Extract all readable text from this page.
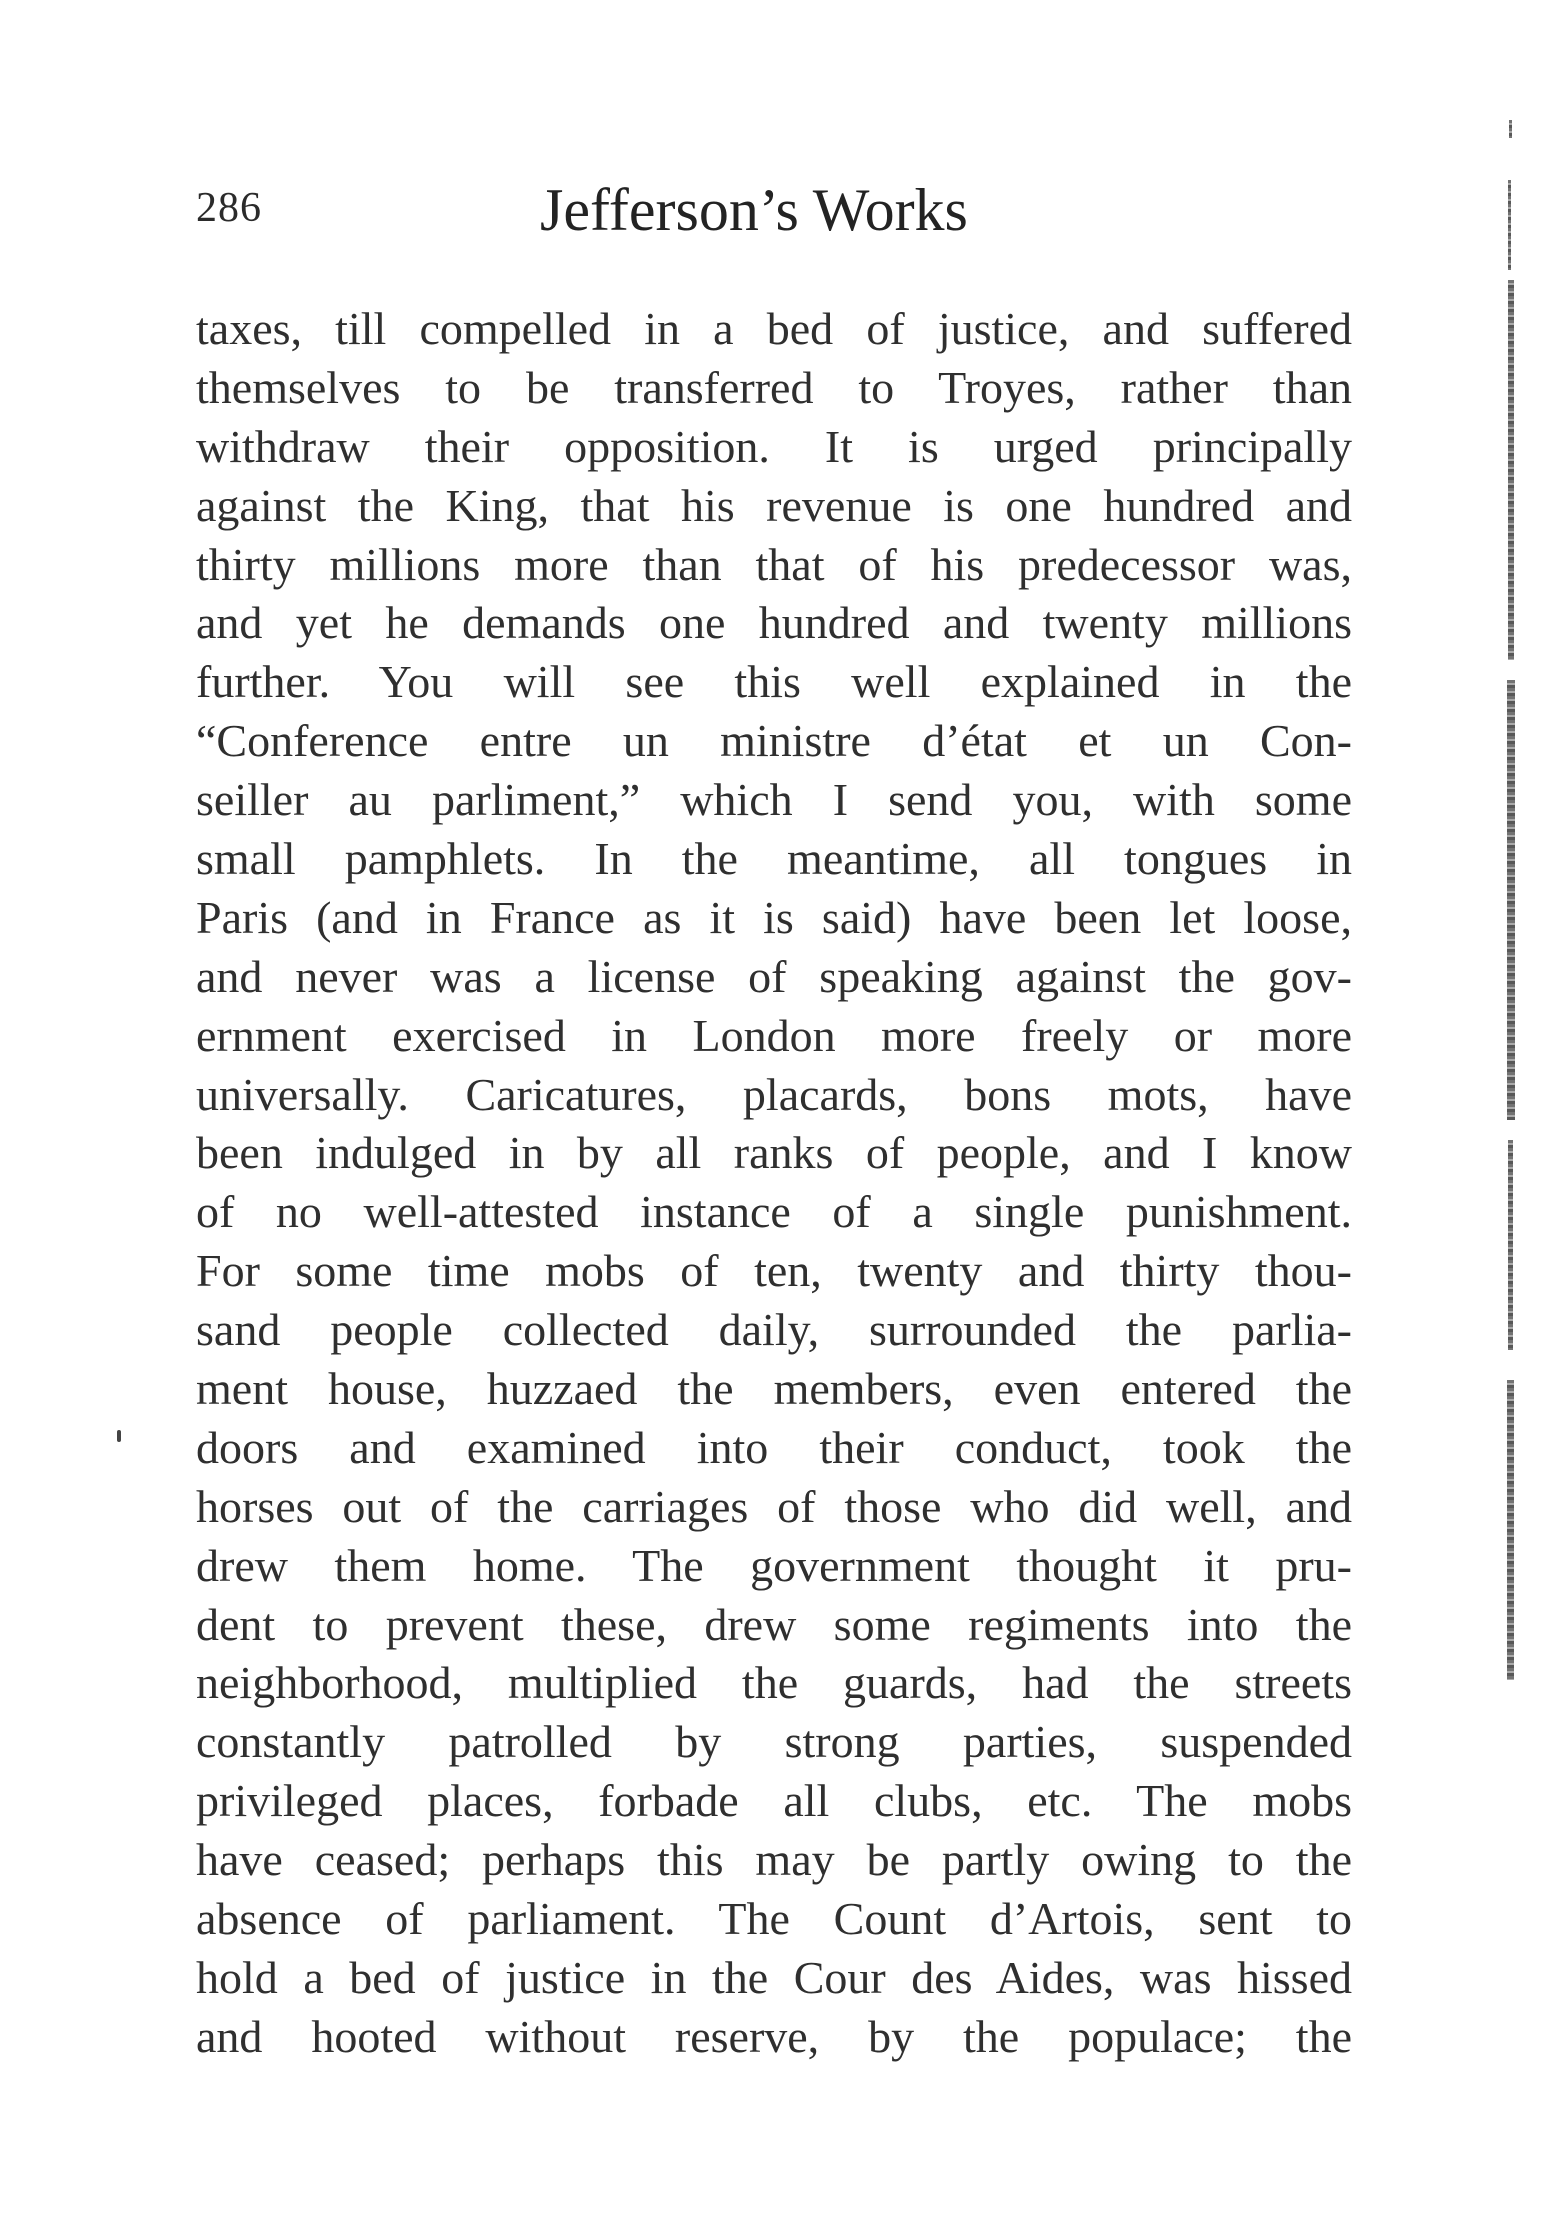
286	Jefferson’s Works
taxes, till compelled in a bed of justice, and suffered
themselves to be transferred to Troyes, rather than
withdraw their opposition. It is urged principally
against the King, that his revenue is one hundred and
thirty millions more than that of his predecessor was,
and yet he demands one hundred and twenty millions
further. You will see this well explained in the
“Conference entre un ministre d’état et un Con-
seiller au parliment,” which I send you, with some
small pamphlets. In the meantime, all tongues in
Paris (and in France as it is said) have been let loose,
and never was a license of speaking against the gov-
ernment exercised in London more freely or more
universally. Caricatures, placards, bons mots, have
been indulged in by all ranks of people, and I know
of no well-attested instance of a single punishment.
For some time mobs of ten, twenty and thirty thou-
sand people collected daily, surrounded the parlia-
ment house, huzzaed the members, even entered the
doors and examined into their conduct, took the
horses out of the carriages of those who did well, and
drew them home. The government thought it pru-
dent to prevent these, drew some regiments into the
neighborhood, multiplied the guards, had the streets
constantly patrolled by strong parties, suspended
privileged places, forbade all clubs, etc. The mobs
have ceased; perhaps this may be partly owing to the
absence of parliament. The Count d’Artois, sent to
hold a bed of justice in the Cour des Aides, was hissed
and hooted without reserve, by the populace; the
